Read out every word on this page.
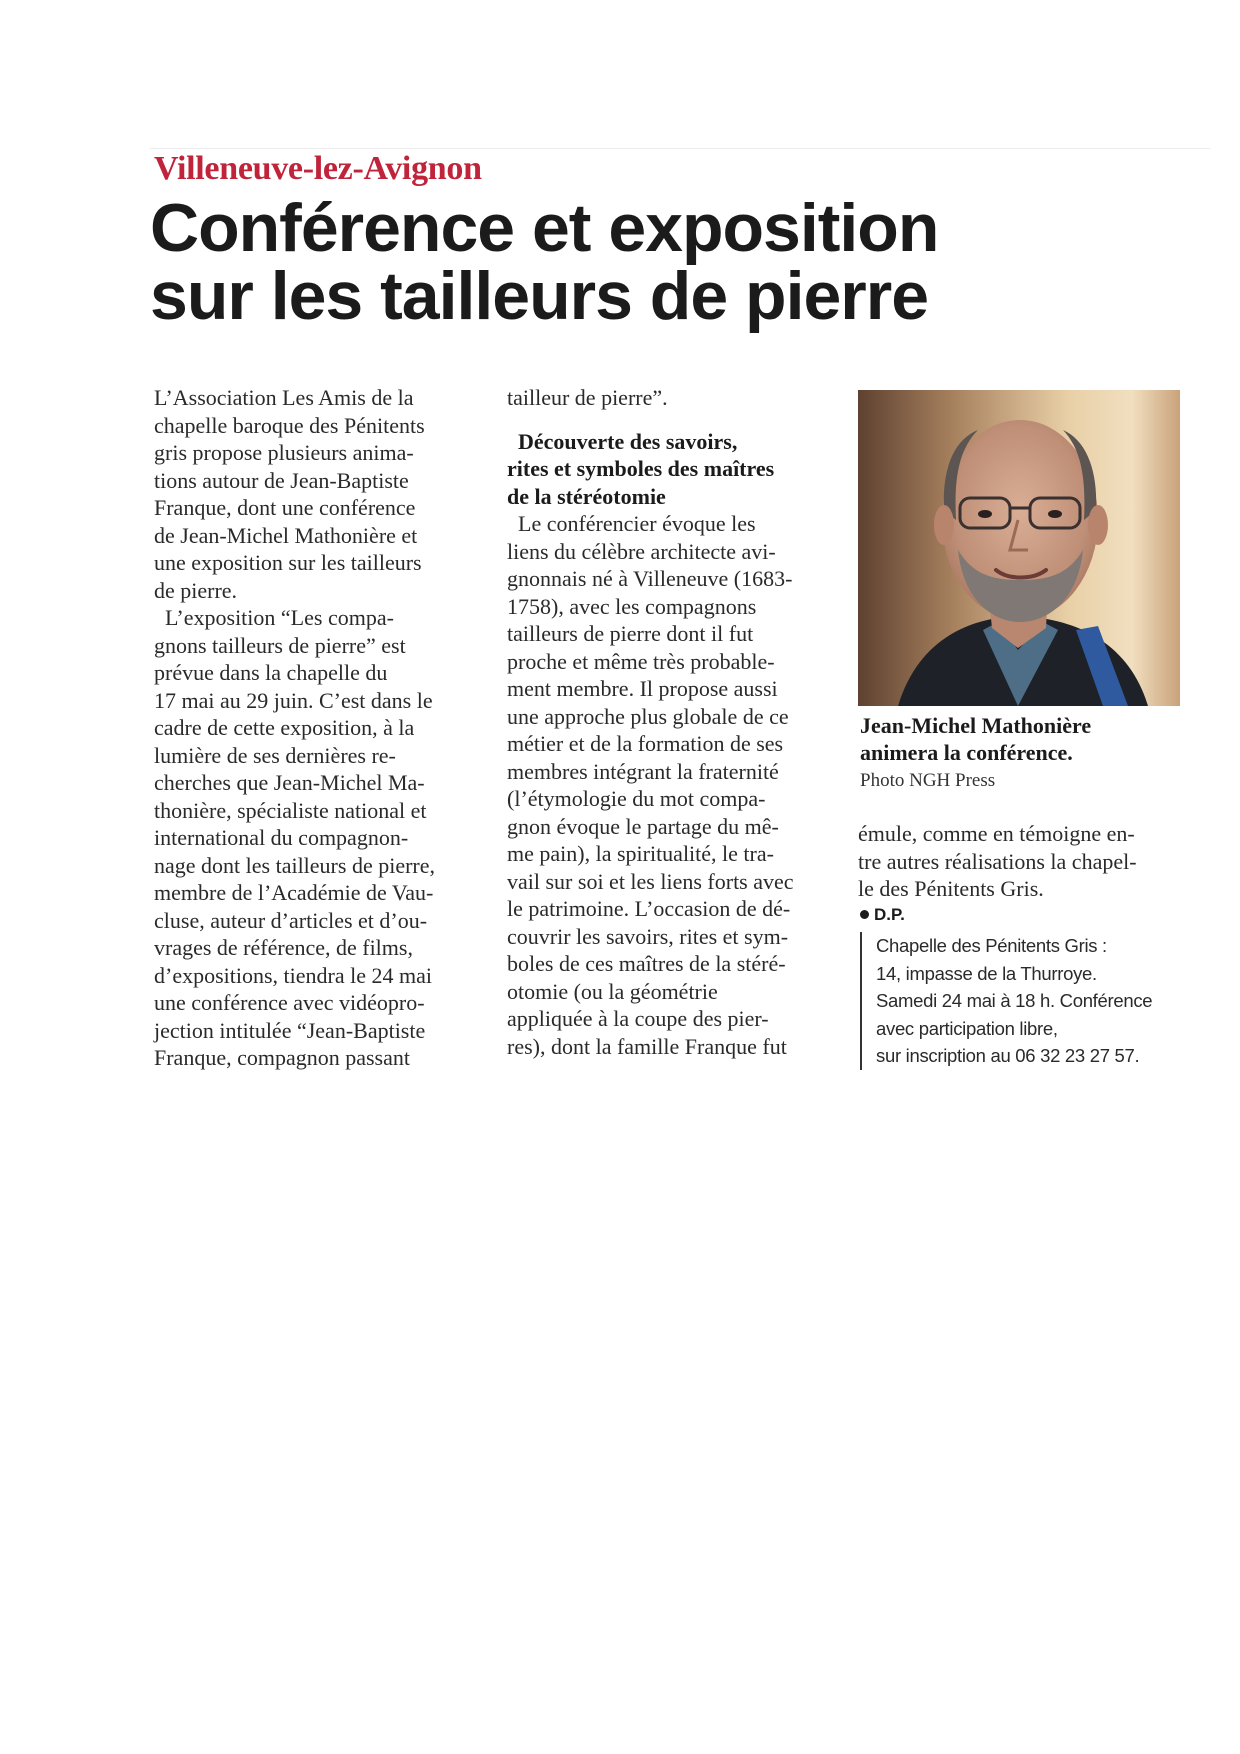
Villeneuve-lez-Avignon
Conférence et exposition
sur les tailleurs de pierre
L’Association Les Amis de la
chapelle baroque des Pénitents
gris propose plusieurs anima-
tions autour de Jean-Baptiste
Franque, dont une conférence
de Jean-Michel Mathonière et
une exposition sur les tailleurs
de pierre.
L’exposition “Les compa-
gnons tailleurs de pierre” est
prévue dans la chapelle du
17 mai au 29 juin. C’est dans le
cadre de cette exposition, à la
lumière de ses dernières re-
cherches que Jean-Michel Ma-
thonière, spécialiste national et
international du compagnon-
nage dont les tailleurs de pierre,
membre de l’Académie de Vau-
cluse, auteur d’articles et d’ou-
vrages de référence, de films,
d’expositions, tiendra le 24 mai
une conférence avec vidéopro-
jection intitulée “Jean-Baptiste
Franque, compagnon passant
tailleur de pierre”.
Découverte des savoirs,
rites et symboles des maîtres
de la stéréotomie
Le conférencier évoque les
liens du célèbre architecte avi-
gnonnais né à Villeneuve (1683-
1758), avec les compagnons
tailleurs de pierre dont il fut
proche et même très probable-
ment membre. Il propose aussi
une approche plus globale de ce
métier et de la formation de ses
membres intégrant la fraternité
(l’étymologie du mot compa-
gnon évoque le partage du mê-
me pain), la spiritualité, le tra-
vail sur soi et les liens forts avec
le patrimoine. L’occasion de dé-
couvrir les savoirs, rites et sym-
boles de ces maîtres de la stéré-
otomie (ou la géométrie
appliquée à la coupe des pier-
res), dont la famille Franque fut
Jean-Michel Mathonière
animera la conférence.
Photo NGH Press
émule, comme en témoigne en-
tre autres réalisations la chapel-
le des Pénitents Gris.
D.P.
Chapelle des Pénitents Gris :
14, impasse de la Thurroye.
Samedi 24 mai à 18 h. Conférence
avec participation libre,
sur inscription au 06 32 23 27 57.
